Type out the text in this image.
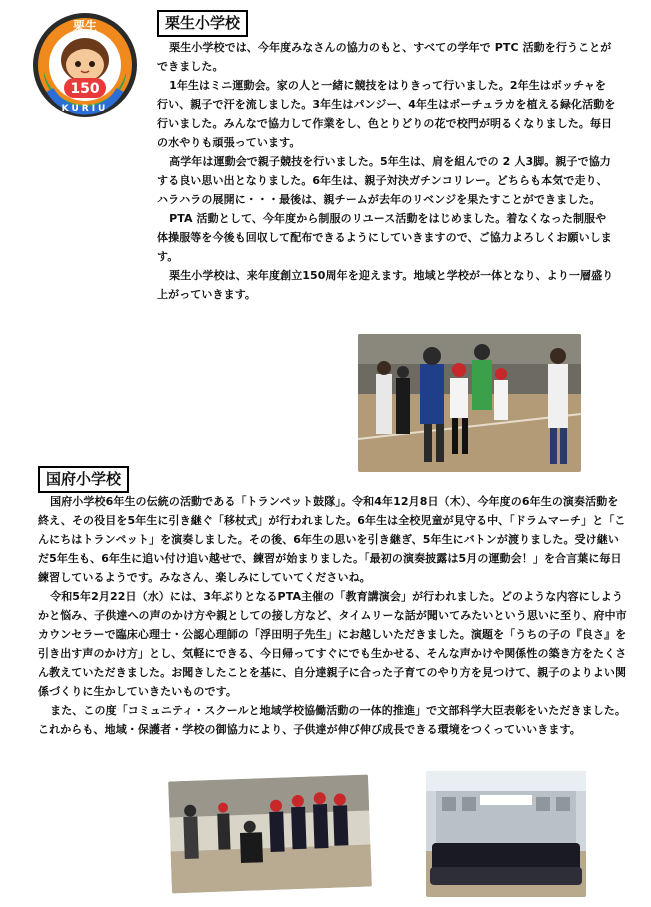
栗生
150
KURIU
栗生小学校

栗生小学校では、今年度みなさんの協力のもと、すべての学年で PTC 活動を行うことができました。

1年生はミニ運動会。家の人と一緒に競技をはりきって行いました。2年生はボッチャを行い、親子で汗を流しました。3年生はパンジー、4年生はポーチュラカを植える緑化活動を行いました。みんなで協力して作業をし、色とりどりの花で校門が明るくなりました。毎日の水やりも頑張っています。

高学年は運動会で親子競技を行いました。5年生は、肩を組んでの 2 人3脚。親子で協力する良い思い出となりました。6年生は、親子対決ガチンコリレー。どちらも本気で走り、ハラハラの展開に・・・最後は、親チームが去年のリベンジを果たすことができました。

PTA 活動として、今年度から制服のリユース活動をはじめました。着なくなった制服や体操服等を今後も回収して配布できるようにしていきますので、ご協力よろしくお願いします。

栗生小学校は、来年度創立150周年を迎えます。地域と学校が一体となり、より一層盛り上がっていきます。

国府小学校

国府小学校6年生の伝統の活動である「トランペット鼓隊」。令和4年12月8日（木）、今年度の6年生の演奏活動を終え、その役目を5年生に引き継ぐ「移杖式」が行われました。6年生は全校児童が見守る中、「ドラムマーチ」と「こんにちはトランペット」を演奏しました。その後、6年生の思いを引き継ぎ、5年生にバトンが渡りました。受け継いだ5年生も、6年生に追い付け追い越せで、練習が始まりました。「最初の演奏披露は5月の運動会！」を合言葉に毎日練習しているようです。みなさん、楽しみにしていてくださいね。

令和5年2月22日（水）には、3年ぶりとなるPTA主催の「教育講演会」が行われました。どのような内容にしようかと悩み、子供達への声のかけ方や親としての接し方など、タイムリーな話が聞いてみたいという思いに至り、府中市カウンセラーで臨床心理士・公認心理師の「浮田明子先生」にお越しいただきました。演題を「うちの子の『良さ』を引き出す声のかけ方」とし、気軽にできる、今日帰ってすぐにでも生かせる、そんな声かけや関係性の築き方をたくさん教えていただきました。お聞きしたことを基に、自分達親子に合った子育てのやり方を見つけて、親子のよりよい関係づくりに生かしていきたいものです。

また、この度「コミュニティ・スクールと地域学校協働活動の一体的推進」で文部科学大臣表彰をいただきました。これからも、地域・保護者・学校の御協力により、子供達が伸び伸び成長できる環境をつくっていいきます。
